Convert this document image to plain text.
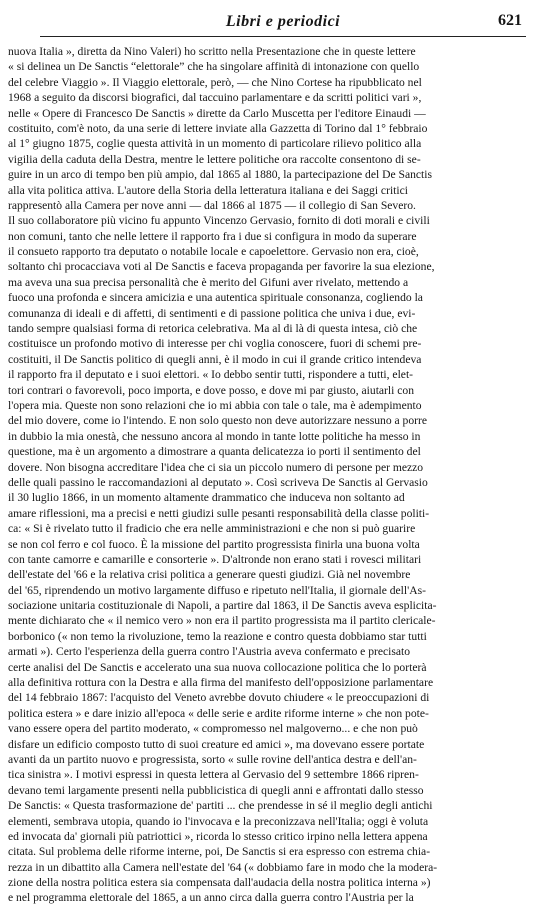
Libri e periodici	621
nuova Italia », diretta da Nino Valeri) ho scritto nella Presentazione che in queste lettere
« si delinea un De Sanctis “elettorale” che ha singolare affinità di intonazione con quello
del celebre Viaggio ». Il Viaggio elettorale, però, — che Nino Cortese ha ripubblicato nel
1968 a seguito da discorsi biografici, dal taccuino parlamentare e da scritti politici vari »,
nelle « Opere di Francesco De Sanctis » dirette da Carlo Muscetta per l'editore Einaudi —
costituito, com'è noto, da una serie di lettere inviate alla Gazzetta di Torino dal 1° febbraio
al 1° giugno 1875, coglie questa attività in un momento di particolare rilievo politico alla
vigilia della caduta della Destra, mentre le lettere politiche ora raccolte consentono di se-
guire in un arco di tempo ben più ampio, dal 1865 al 1880, la partecipazione del De Sanctis
alla vita politica attiva. L'autore della Storia della letteratura italiana e dei Saggi critici
rappresentò alla Camera per nove anni — dal 1866 al 1875 — il collegio di San Severo.
Il suo collaboratore più vicino fu appunto Vincenzo Gervasio, fornito di doti morali e civili
non comuni, tanto che nelle lettere il rapporto fra i due si configura in modo da superare
il consueto rapporto tra deputato o notabile locale e capoelettore. Gervasio non era, cioè,
soltanto chi procacciava voti al De Sanctis e faceva propaganda per favorire la sua elezione,
ma aveva una sua precisa personalità che è merito del Gifuni aver rivelato, mettendo a
fuoco una profonda e sincera amicizia e una autentica spirituale consonanza, cogliendo la
comunanza di ideali e di affetti, di sentimenti e di passione politica che univa i due, evi-
tando sempre qualsiasi forma di retorica celebrativa. Ma al di là di questa intesa, ciò che
costituisce un profondo motivo di interesse per chi voglia conoscere, fuori di schemi pre-
costituiti, il De Sanctis politico di quegli anni, è il modo in cui il grande critico intendeva
il rapporto fra il deputato e i suoi elettori. « Io debbo sentir tutti, rispondere a tutti, elet-
tori contrari o favorevoli, poco importa, e dove posso, e dove mi par giusto, aiutarli con
l'opera mia. Queste non sono relazioni che io mi abbia con tale o tale, ma è adempimento
del mio dovere, come io l'intendo. E non solo questo non deve autorizzare nessuno a porre
in dubbio la mia onestà, che nessuno ancora al mondo in tante lotte politiche ha messo in
questione, ma è un argomento a dimostrare a quanta delicatezza io porti il sentimento del
dovere. Non bisogna accreditare l'idea che ci sia un piccolo numero di persone per mezzo
delle quali passino le raccomandazioni al deputato ». Così scriveva De Sanctis al Gervasio
il 30 luglio 1866, in un momento altamente drammatico che induceva non soltanto ad
amare riflessioni, ma a precisi e netti giudizi sulle pesanti responsabilità della classe politi-
ca: « Si è rivelato tutto il fradicio che era nelle amministrazioni e che non si può guarire
se non col ferro e col fuoco. È la missione del partito progressista finirla una buona volta
con tante camorre e camarille e consorterie ». D'altronde non erano stati i rovesci militari
dell'estate del '66 e la relativa crisi politica a generare questi giudizi. Già nel novembre
del '65, riprendendo un motivo largamente diffuso e ripetuto nell'Italia, il giornale dell'As-
sociazione unitaria costituzionale di Napoli, a partire dal 1863, il De Sanctis aveva esplicita-
mente dichiarato che « il nemico vero » non era il partito progressista ma il partito clericale-
borbonico (« non temo la rivoluzione, temo la reazione e contro questa dobbiamo star tutti
armati »). Certo l'esperienza della guerra contro l'Austria aveva confermato e precisato
certe analisi del De Sanctis e accelerato una sua nuova collocazione politica che lo porterà
alla definitiva rottura con la Destra e alla firma del manifesto dell'opposizione parlamentare
del 14 febbraio 1867: l'acquisto del Veneto avrebbe dovuto chiudere « le preoccupazioni di
politica estera » e dare inizio all'epoca « delle serie e ardite riforme interne » che non pote-
vano essere opera del partito moderato, « compromesso nel malgoverno... e che non può
disfare un edificio composto tutto di suoi creature ed amici », ma dovevano essere portate
avanti da un partito nuovo e progressista, sorto « sulle rovine dell'antica destra e dell'an-
tica sinistra ». I motivi espressi in questa lettera al Gervasio del 9 settembre 1866 ripren-
devano temi largamente presenti nella pubblicistica di quegli anni e affrontati dallo stesso
De Sanctis: « Questa trasformazione de' partiti ... che prendesse in sé il meglio degli antichi
elementi, sembrava utopia, quando io l'invocava e la preconizzava nell'Italia; oggi è voluta
ed invocata da' giornali più patriottici », ricorda lo stesso critico irpino nella lettera appena
citata. Sul problema delle riforme interne, poi, De Sanctis si era espresso con estrema chia-
rezza in un dibattito alla Camera nell'estate del '64 (« dobbiamo fare in modo che la modera-
zione della nostra politica estera sia compensata dall'audacia della nostra politica interna »)
e nel programma elettorale del 1865, a un anno circa dalla guerra contro l'Austria per la
